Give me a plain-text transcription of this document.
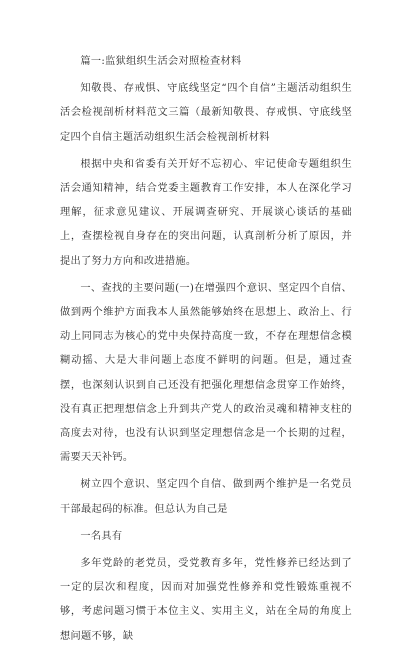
篇一:监狱组织生活会对照检查材料

知敬畏、存戒惧、守底线坚定“四个自信”主题活动组织生活会检视剖析材料范文三篇（最新知敬畏、存戒惧、守底线坚定四个自信主题活动组织生活会检视剖析材料

根据中央和省委有关开好不忘初心、牢记使命专题组织生活会通知精神，结合党委主题教育工作安排，本人在深化学习理解，征求意见建议、开展调查研究、开展谈心谈话的基础上，查摆检视自身存在的突出问题，认真剖析分析了原因，并提出了努力方向和改进措施。

一、查找的主要问题(一)在增强四个意识、坚定四个自信、做到两个维护方面我本人虽然能够始终在思想上、政治上、行动上同同志为核心的党中央保持高度一致，不存在理想信念模糊动摇、大是大非问题上态度不鲜明的问题。但是，通过查摆，也深刻认识到自己还没有把强化理想信念贯穿工作始终，没有真正把理想信念上升到共产党人的政治灵魂和精神支柱的高度去对待，也没有认识到坚定理想信念是一个长期的过程，需要天天补钙。

树立四个意识、坚定四个自信、做到两个维护是一名党员干部最起码的标准。但总认为自己是

一名具有

多年党龄的老党员，受党教育多年，党性修养已经达到了一定的层次和程度，因而对加强党性修养和党性锻炼重视不够，考虑问题习惯于本位主义、实用主义，站在全局的角度上想问题不够，缺
